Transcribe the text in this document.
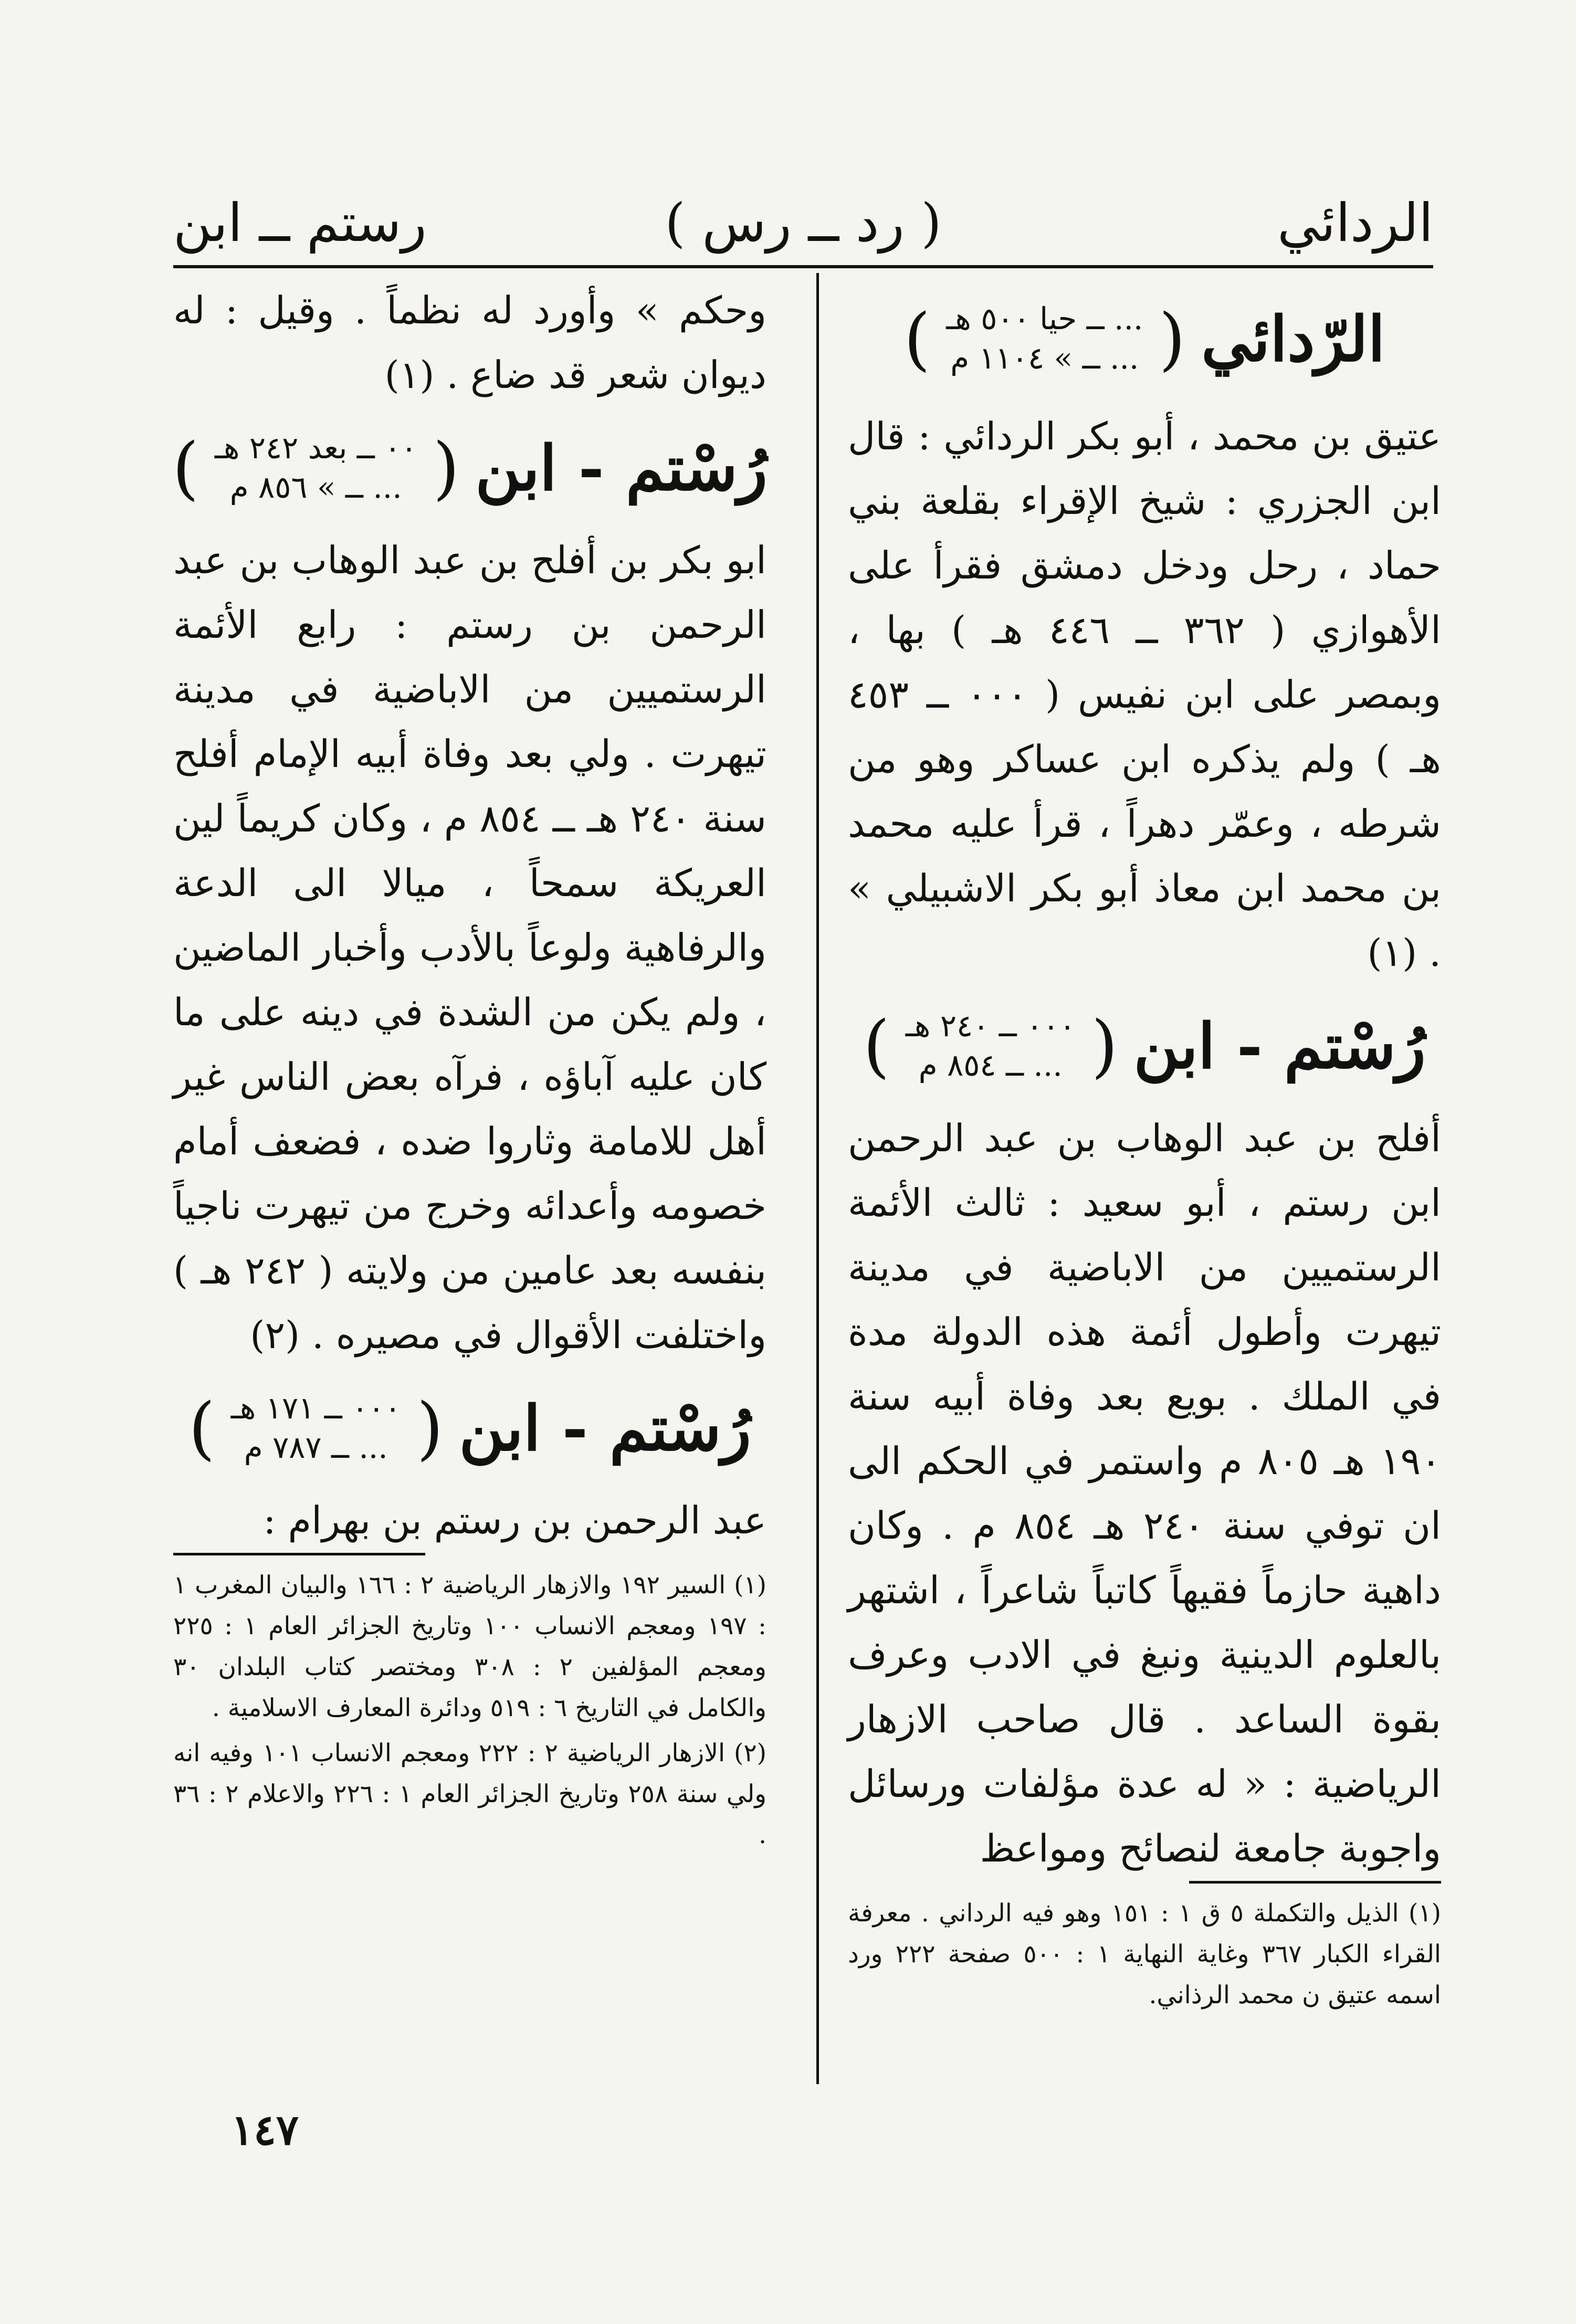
الردائي
( رد ــ رس )
رستم ــ ابن
الرّدائي
(
... ــ حيا ٥٠٠ هـ
... ــ » ١١٠٤ م
)

عتيق بن محمد ، أبو بكر الردائي : قال ابن الجزري : شيخ الإقراء بقلعة بني حماد ، رحل ودخل دمشق فقرأ على الأهوازي ( ٣٦٢ ــ ٤٤٦ هـ ) بها ، وبمصر على ابن نفيس ( ٠٠٠ ــ ٤٥٣ هـ ) ولم يذكره ابن عساكر وهو من شرطه ، وعمّر دهراً ، قرأ عليه محمد بن محمد ابن معاذ أبو بكر الاشبيلي » . (١)

رُسْتم - ابن
(
٠٠٠ ــ ٢٤٠ هـ
... ــ ٨٥٤ م
)

أفلح بن عبد الوهاب بن عبد الرحمن ابن رستم ، أبو سعيد : ثالث الأئمة الرستميين من الاباضية في مدينة تيهرت وأطول أئمة هذه الدولة مدة في الملك . بويع بعد وفاة أبيه سنة ١٩٠ هـ ٨٠٥ م واستمر في الحكم الى ان توفي سنة ٢٤٠ هـ ٨٥٤ م . وكان داهية حازماً فقيهاً كاتباً شاعراً ، اشتهر بالعلوم الدينية ونبغ في الادب وعرف بقوة الساعد . قال صاحب الازهار الرياضية : « له عدة مؤلفات ورسائل واجوبة جامعة لنصائح ومواعظ

(١) الذيل والتكملة ٥ ق ١ : ١٥١ وهو فيه الرداني . معرفة القراء الكبار ٣٦٧ وغاية النهاية ١ : ٥٠٠ صفحة ٢٢٢ ورد اسمه عتيق ن محمد الرذاني.

وحكم » وأورد له نظماً . وقيل : له ديوان شعر قد ضاع . (١)

رُسْتم - ابن
(
٠٠ ــ بعد ٢٤٢ هـ
... ــ » ٨٥٦ م
)

ابو بكر بن أفلح بن عبد الوهاب بن عبد الرحمن بن رستم : رابع الأئمة الرستميين من الاباضية في مدينة تيهرت . ولي بعد وفاة أبيه الإمام أفلح سنة ٢٤٠ هـ ــ ٨٥٤ م ، وكان كريماً لين العريكة سمحاً ، ميالا الى الدعة والرفاهية ولوعاً بالأدب وأخبار الماضين ، ولم يكن من الشدة في دينه على ما كان عليه آباؤه ، فرآه بعض الناس غير أهل للامامة وثاروا ضده ، فضعف أمام خصومه وأعدائه وخرج من تيهرت ناجياً بنفسه بعد عامين من ولايته ( ٢٤٢ هـ ) واختلفت الأقوال في مصيره . (٢)

رُسْتم - ابن
(
٠٠٠ ــ ١٧١ هـ
... ــ ٧٨٧ م
)

عبد الرحمن بن رستم بن بهرام :

(١) السير ١٩٢ والازهار الرياضية ٢ : ١٦٦ والبيان المغرب ١ : ١٩٧ ومعجم الانساب ١٠٠ وتاريخ الجزائر العام ١ : ٢٢٥ ومعجم المؤلفين ٢ : ٣٠٨ ومختصر كتاب البلدان ٣٠ والكامل في التاريخ ٦ : ٥١٩ ودائرة المعارف الاسلامية .

(٢) الازهار الرياضية ٢ : ٢٢٢ ومعجم الانساب ١٠١ وفيه انه ولي سنة ٢٥٨ وتاريخ الجزائر العام ١ : ٢٢٦ والاعلام ٢ : ٣٦ .

١٤٧
